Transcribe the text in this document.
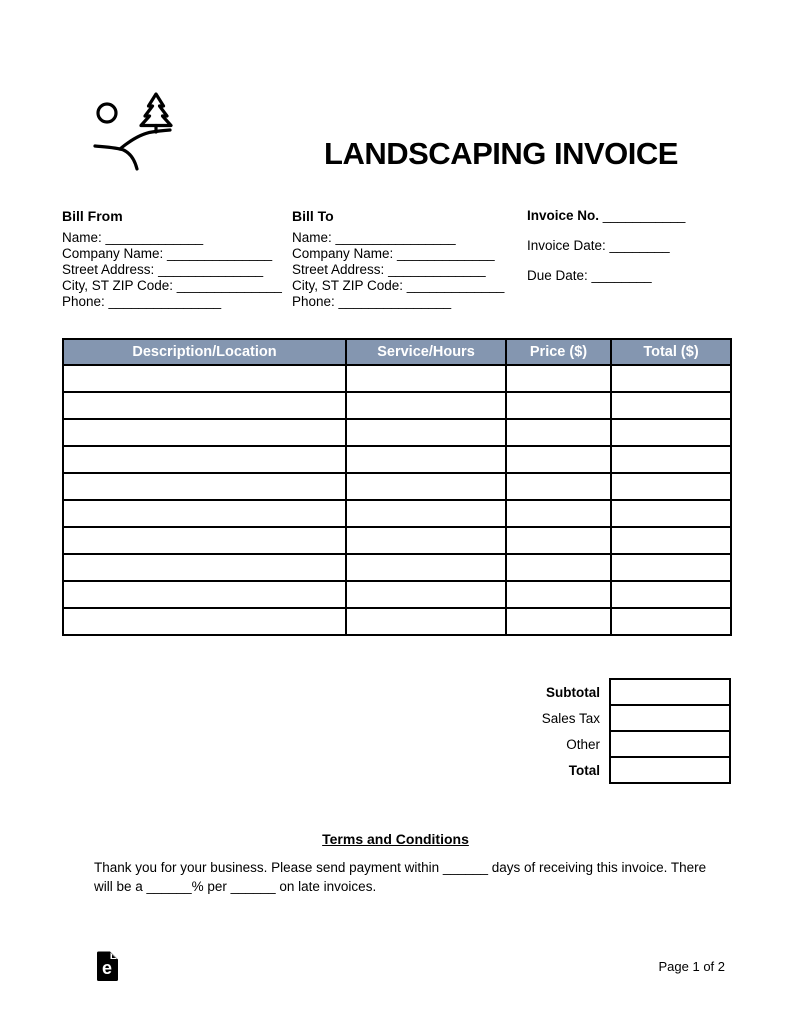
LANDSCAPING INVOICE
Bill From
Name: _____________
Company Name: ______________
Street Address: ______________
City, ST ZIP Code: ______________
Phone: _______________
Bill To
Name: ________________
Company Name: _____________
Street Address: _____________
City, ST ZIP Code: _____________
Phone: _______________
Invoice No. ___________
Invoice Date: ________
Due Date: ________
Description/Location	Service/Hours	Price ($)	Total ($)

Subtotal	
Sales Tax	
Other	
Total	
Terms and Conditions
Thank you for your business. Please send payment within ______ days of receiving this invoice. There
will be a ______% per ______ on late invoices.
e	Page 1 of 2
